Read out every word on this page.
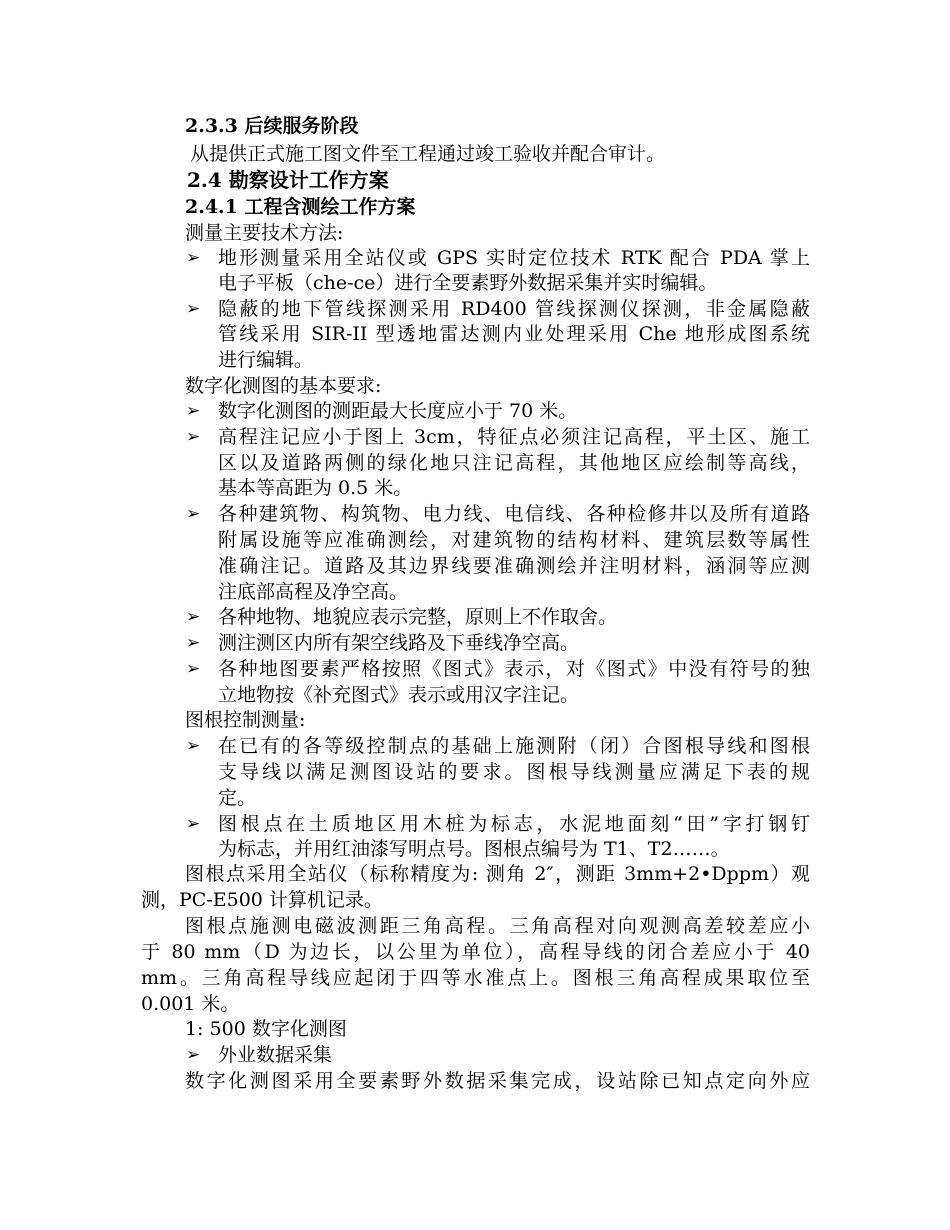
2.3.3 后续服务阶段
从提供正式施工图文件至工程通过竣工验收并配合审计。
2.4 勘察设计工作方案
2.4.1 工程含测绘工作方案
测量主要技术方法:
➢ 地形测量采用全站仪或 GPS 实时定位技术 RTK 配合 PDA 掌上
电子平板（che-ce）进行全要素野外数据采集并实时编辑。
➢ 隐蔽的地下管线探测采用 RD400 管线探测仪探测，非金属隐蔽
管线采用 SIR-II 型透地雷达测内业处理采用 Che 地形成图系统
进行编辑。
数字化测图的基本要求:
➢ 数字化测图的测距最大长度应小于 70 米。
➢ 高程注记应小于图上 3cm，特征点必须注记高程，平土区、施工
区以及道路两侧的绿化地只注记高程，其他地区应绘制等高线，
基本等高距为 0.5 米。
➢ 各种建筑物、构筑物、电力线、电信线、各种检修井以及所有道路
附属设施等应准确测绘，对建筑物的结构材料、建筑层数等属性
准确注记。道路及其边界线要准确测绘并注明材料，涵洞等应测
注底部高程及净空高。
➢ 各种地物、地貌应表示完整，原则上不作取舍。
➢ 测注测区内所有架空线路及下垂线净空高。
➢ 各种地图要素严格按照《图式》表示，对《图式》中没有符号的独
立地物按《补充图式》表示或用汉字注记。
图根控制测量:
➢ 在已有的各等级控制点的基础上施测附（闭）合图根导线和图根
支导线以满足测图设站的要求。图根导线测量应满足下表的规
定。
➢ 图根点在土质地区用木桩为标志，水泥地面刻“田”字打钢钉
为标志，并用红油漆写明点号。图根点编号为 T1、T2……。
图根点采用全站仪（标称精度为: 测角 2″，测距 3mm+2•Dppm）观
测，PC-E500 计算机记录。
图根点施测电磁波测距三角高程。三角高程对向观测高差较差应小
于 80 mm（D 为边长，以公里为单位），高程导线的闭合差应小于 40
mm。三角高程导线应起闭于四等水准点上。图根三角高程成果取位至
0.001 米。
1: 500 数字化测图
➢ 外业数据采集
数字化测图采用全要素野外数据采集完成，设站除已知点定向外应
